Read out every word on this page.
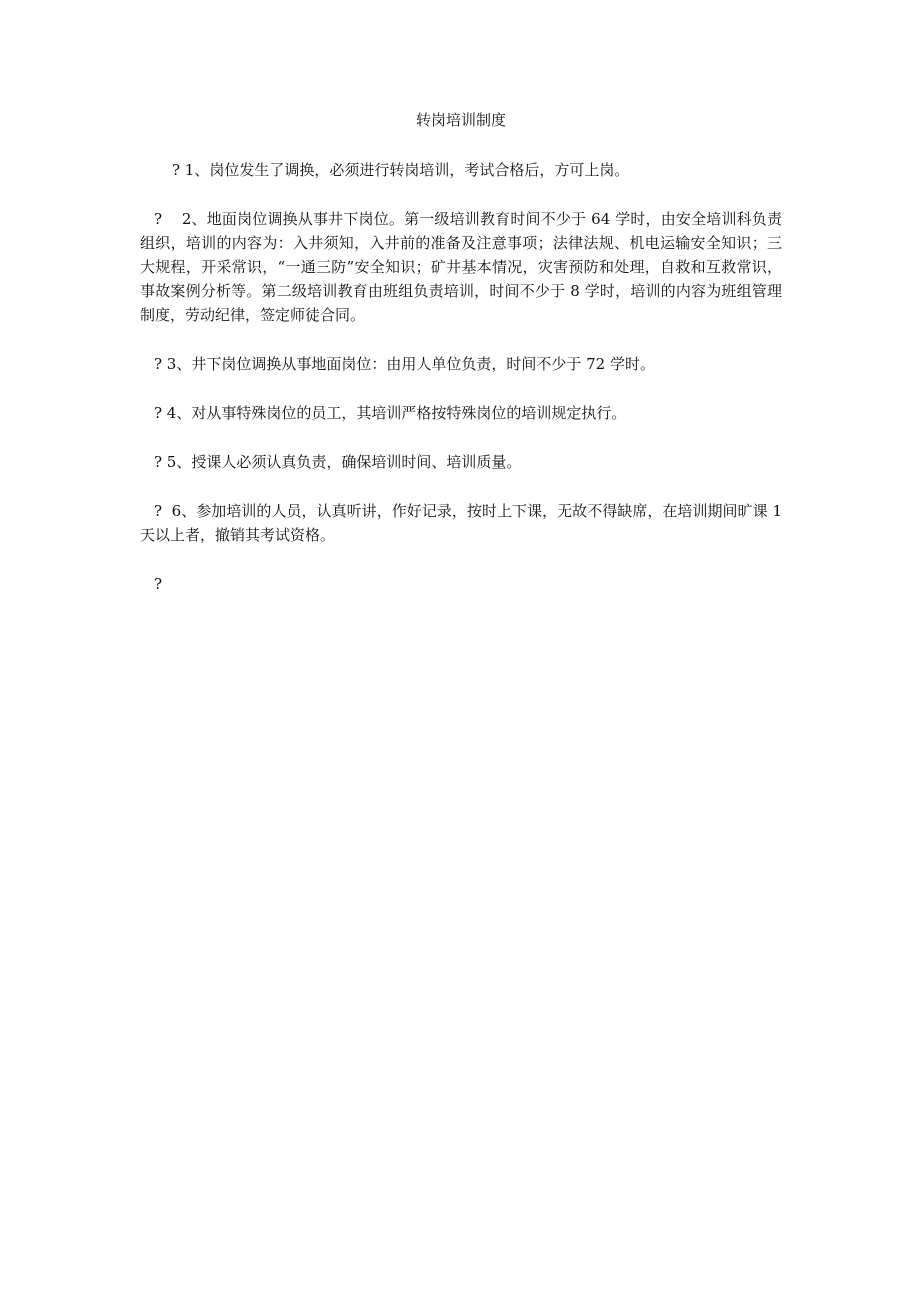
转岗培训制度

? 1、岗位发生了调换，必须进行转岗培训，考试合格后，方可上岗。

?    2、地面岗位调换从事井下岗位。第一级培训教育时间不少于 64 学时，由安全培训科负责组织，培训的内容为：入井须知，入井前的准备及注意事项；法律法规、机电运输安全知识；三大规程，开采常识，“一通三防”安全知识；矿井基本情况，灾害预防和处理，自救和互救常识，事故案例分析等。第二级培训教育由班组负责培训，时间不少于 8 学时，培训的内容为班组管理制度，劳动纪律，签定师徒合同。

? 3、井下岗位调换从事地面岗位：由用人单位负责，时间不少于 72 学时。

? 4、对从事特殊岗位的员工，其培训严格按特殊岗位的培训规定执行。

? 5、授课人必须认真负责，确保培训时间、培训质量。

?  6、参加培训的人员，认真听讲，作好记录，按时上下课，无故不得缺席，在培训期间旷课 1 天以上者，撤销其考试资格。

?
